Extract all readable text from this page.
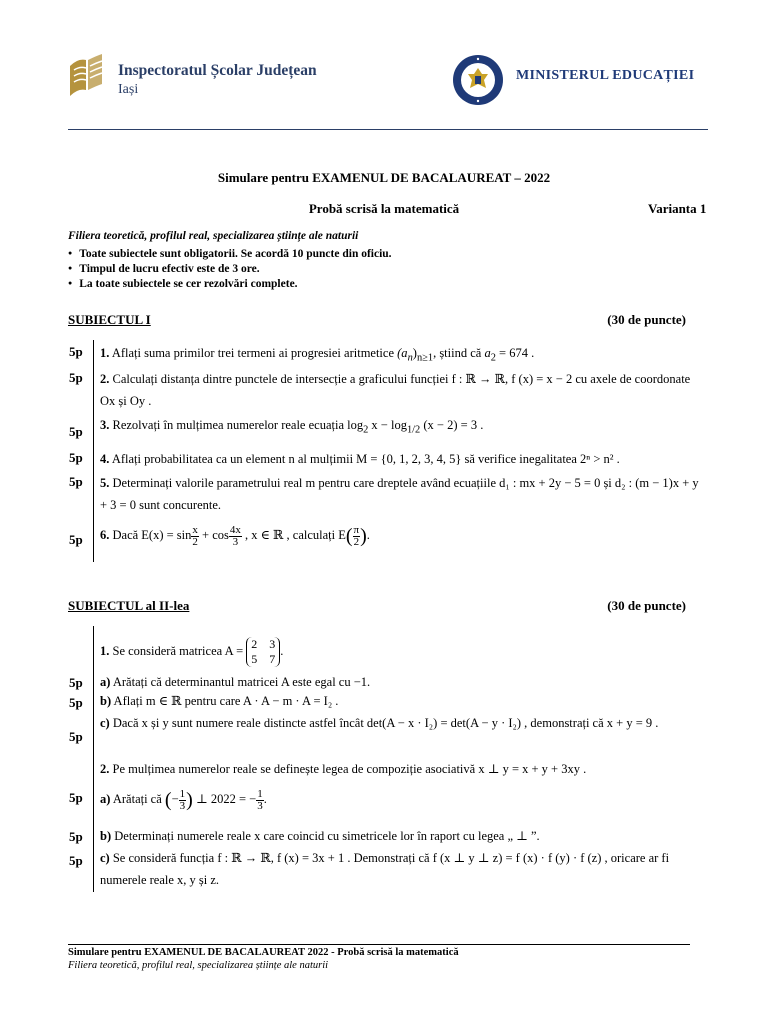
Inspectoratul Școlar Județean
Iași
MINISTERUL EDUCAȚIEI
Simulare pentru EXAMENUL DE BACALAUREAT – 2022
Probă scrisă la matematică	Varianta 1
Filiera teoretică, profilul real, specializarea științe ale naturii
● Toate subiectele sunt obligatorii. Se acordă 10 puncte din oficiu.
● Timpul de lucru efectiv este de 3 ore.
● La toate subiectele se cer rezolvări complete.
SUBIECTUL I	(30 de puncte)
5p 1. Aflați suma primilor trei termeni ai progresiei aritmetice $(a_n)_{n\ge 1}$, știind că $a_2 = 674$ .
5p 2. Calculați distanța dintre punctele de intersecție a graficului funcției f : ℝ → ℝ, f (x) = x − 2 cu axele de coordonate Ox și Oy .
5p 3. Rezolvați în mulțimea numerelor reale ecuația $\log_2 x - \log_{1/2} (x - 2) = 3$ .
5p 4. Aflați probabilitatea ca un element n al mulțimii M = {0, 1, 2, 3, 4, 5} să verifice inegalitatea 2ⁿ > n² .
5p 5. Determinați valorile parametrului real m pentru care dreptele având ecuațiile d₁ : mx + 2y − 5 = 0 și d₂ : (m − 1)x + y + 3 = 0 sunt concurente.
5p 6. Dacă $E(x) = \sin \frac{x}{2} + \cos \frac{4x}{3}$ , x ∈ ℝ , calculați $E( \frac{\pi}{2}$ ).
SUBIECTUL al II-lea	(30 de puncte)
1. Se consideră matricea A = 2    3
5    7
.
5p a) Arătați că determinantul matricei A este egal cu −1.
5p b) Aflați m ∈ ℝ pentru care A · A − m · A = I₂ .
5p
c) Dacă x și y sunt numere reale distincte astfel încât det(A − x · I₂) = det(A − y · I₂) , demonstrați că x + y = 9 .
2. Pe mulțimea numerelor reale se definește legea de compoziție asociativă x ⊥ y = x + y + 3xy .
5p a) Arătați că (− $\frac{1}{3}$ ) ⊥ 2022 = − $\frac{1}{3}$ .
5p b) Determinați numerele reale x care coincid cu simetricele lor în raport cu legea „ ⊥ ”.
5p c) Se consideră funcția f : ℝ → ℝ, f (x) = 3x + 1 . Demonstrați că f (x ⊥ y ⊥ z) = f (x) · f (y) · f (z) , oricare ar fi numerele reale x, y și z.
Simulare pentru EXAMENUL DE BACALAUREAT 2022 - Probă scrisă la matematică
Filiera teoretică, profilul real, specializarea științe ale naturii
